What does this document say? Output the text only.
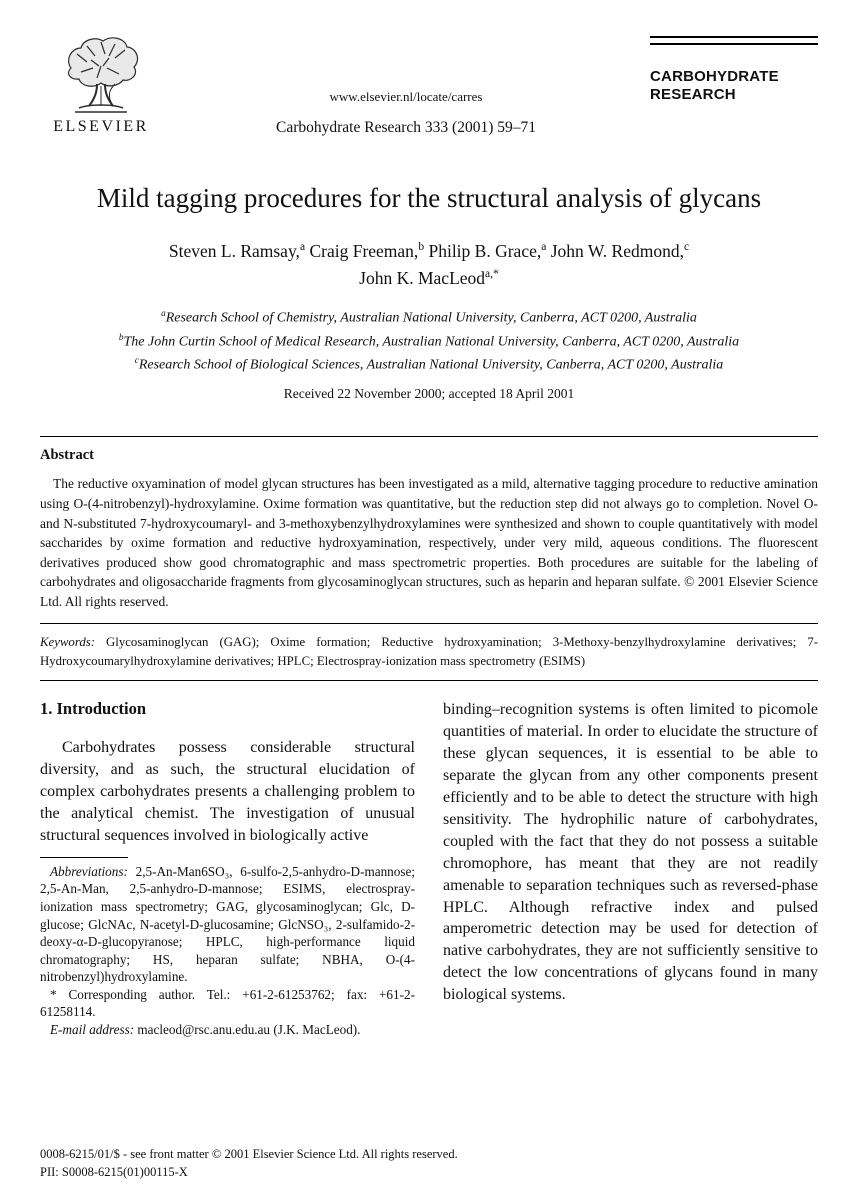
ELSEVIER
www.elsevier.nl/locate/carres
Carbohydrate Research 333 (2001) 59–71
CARBOHYDRATE RESEARCH
Mild tagging procedures for the structural analysis of glycans
Steven L. Ramsay,$^a$ Craig Freeman,$^b$ Philip B. Grace,$^a$ John W. Redmond,$^c$
John K. MacLeod$^{a,*}$
$^a$Research School of Chemistry, Australian National University, Canberra, ACT 0200, Australia
$^b$The John Curtin School of Medical Research, Australian National University, Canberra, ACT 0200, Australia
$^c$Research School of Biological Sciences, Australian National University, Canberra, ACT 0200, Australia
Received 22 November 2000; accepted 18 April 2001
Abstract

The reductive oxyamination of model glycan structures has been investigated as a mild, alternative tagging procedure to reductive amination using O-(4-nitrobenzyl)-hydroxylamine. Oxime formation was quantitative, but the reduction step did not always go to completion. Novel O- and N-substituted 7-hydroxycoumaryl- and 3-methoxybenzylhydroxylamines were synthesized and shown to couple quantitatively with model saccharides by oxime formation and reductive hydroxyamination, respectively, under very mild, aqueous conditions. The fluorescent derivatives produced show good chromatographic and mass spectrometric properties. Both procedures are suitable for the labeling of carbohydrates and oligosaccharide fragments from glycosaminoglycan structures, such as heparin and heparan sulfate. © 2001 Elsevier Science Ltd. All rights reserved.

Keywords: Glycosaminoglycan (GAG); Oxime formation; Reductive hydroxyamination; 3-Methoxy-benzylhydroxylamine derivatives; 7-Hydroxycoumarylhydroxylamine derivatives; HPLC; Electrospray-ionization mass spectrometry (ESIMS)

1. Introduction

Carbohydrates possess considerable structural diversity, and as such, the structural elucidation of complex carbohydrates presents a challenging problem to the analytical chemist. The investigation of unusual structural sequences involved in biologically active

Abbreviations: 2,5-An-Man6SO₃, 6-sulfo-2,5-anhydro-D-mannose; 2,5-An-Man, 2,5-anhydro-D-mannose; ESIMS, electrospray-ionization mass spectrometry; GAG, glycosaminoglycan; Glc, D-glucose; GlcNAc, N-acetyl-D-glucosamine; GlcNSO₃, 2-sulfamido-2-deoxy-α-D-glucopyranose; HPLC, high-performance liquid chromatography; HS, heparan sulfate; NBHA, O-(4-nitrobenzyl)hydroxylamine.

* Corresponding author. Tel.: +61-2-61253762; fax: +61-2-61258114.

E-mail address: macleod@rsc.anu.edu.au (J.K. MacLeod).

binding–recognition systems is often limited to picomole quantities of material. In order to elucidate the structure of these glycan sequences, it is essential to be able to separate the glycan from any other components present efficiently and to be able to detect the structure with high sensitivity. The hydrophilic nature of carbohydrates, coupled with the fact that they do not possess a suitable chromophore, has meant that they are not readily amenable to separation techniques such as reversed-phase HPLC. Although refractive index and pulsed amperometric detection may be used for detection of native carbohydrates, they are not sufficiently sensitive to detect the low concentrations of glycans found in many biological systems.

0008-6215/01/$ - see front matter © 2001 Elsevier Science Ltd. All rights reserved.
PII: S0008-6215(01)00115-X
